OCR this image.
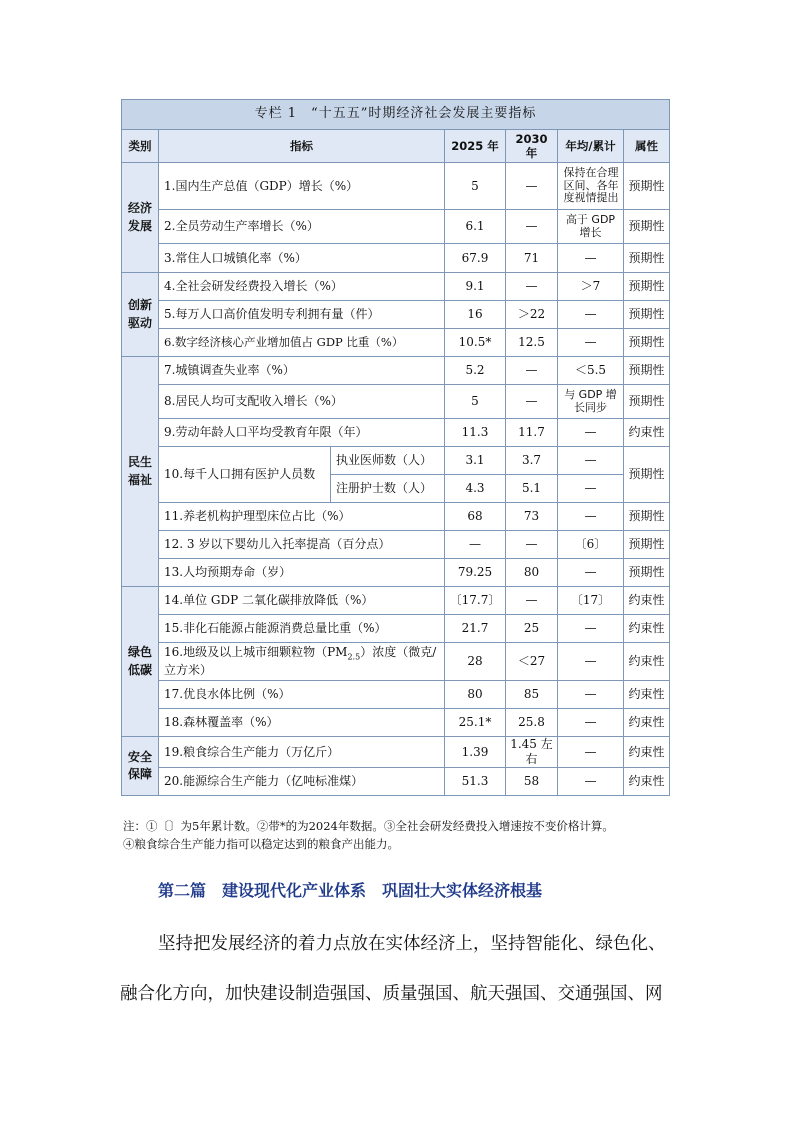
专栏 1　“十五五”时期经济社会发展主要指标						
类别	指标		2025 年	2030 年	年均/累计	属性

经济发展	1.国内生产总值（GDP）增长（%）		5	—	保持在合理区间、各年度视情提出	预期性
	2.全员劳动生产率增长（%）		6.1	—	高于 GDP 增长	预期性
	3.常住人口城镇化率（%）		67.9	71	—	预期性

创新驱动	4.全社会研发经费投入增长（%）		9.1	—	＞7	预期性
	5.每万人口高价值发明专利拥有量（件）		16	＞22	—	预期性
	6.数字经济核心产业增加值占 GDP 比重（%）		10.5*	12.5	—	预期性

民生福祉	7.城镇调查失业率（%）		5.2	—	＜5.5	预期性
	8.居民人均可支配收入增长（%）		5	—	与 GDP 增长同步	预期性
	9.劳动年龄人口平均受教育年限（年）		11.3	11.7	—	约束性
	10.每千人口拥有医护人员数	执业医师数（人）	3.1	3.7	—	预期性
		注册护士数（人）	4.3	5.1	—	
	11.养老机构护理型床位占比（%）		68	73	—	预期性
	12. 3 岁以下婴幼儿入托率提高（百分点）		—	—	〔6〕	预期性
	13.人均预期寿命（岁）		79.25	80	—	预期性

绿色低碳	14.单位 GDP 二氧化碳排放降低（%）		〔17.7〕	—	〔17〕	约束性
	15.非化石能源占能源消费总量比重（%）		21.7	25	—	约束性
	16.地级及以上城市细颗粒物$(PM_{2.5})$浓度（微克/立方米）		28	＜27	—	约束性
	17.优良水体比例（%）		80	85	—	约束性
	18.森林覆盖率（%）		25.1*	25.8	—	约束性

安全保障	19.粮食综合生产能力（万亿斤）		1.39	1.45 左右	—	约束性
	20.能源综合生产能力（亿吨标准煤）		51.3	58	—	约束性

注：①〔〕为5年累计数。②带*的为2024年数据。③全社会研发经费投入增速按不变价格计算。

④粮食综合生产能力指可以稳定达到的粮食产出能力。

第二篇　建设现代化产业体系　巩固壮大实体经济根基

坚持把发展经济的着力点放在实体经济上，坚持智能化、绿色化、

融合化方向，加快建设制造强国、质量强国、航天强国、交通强国、网
